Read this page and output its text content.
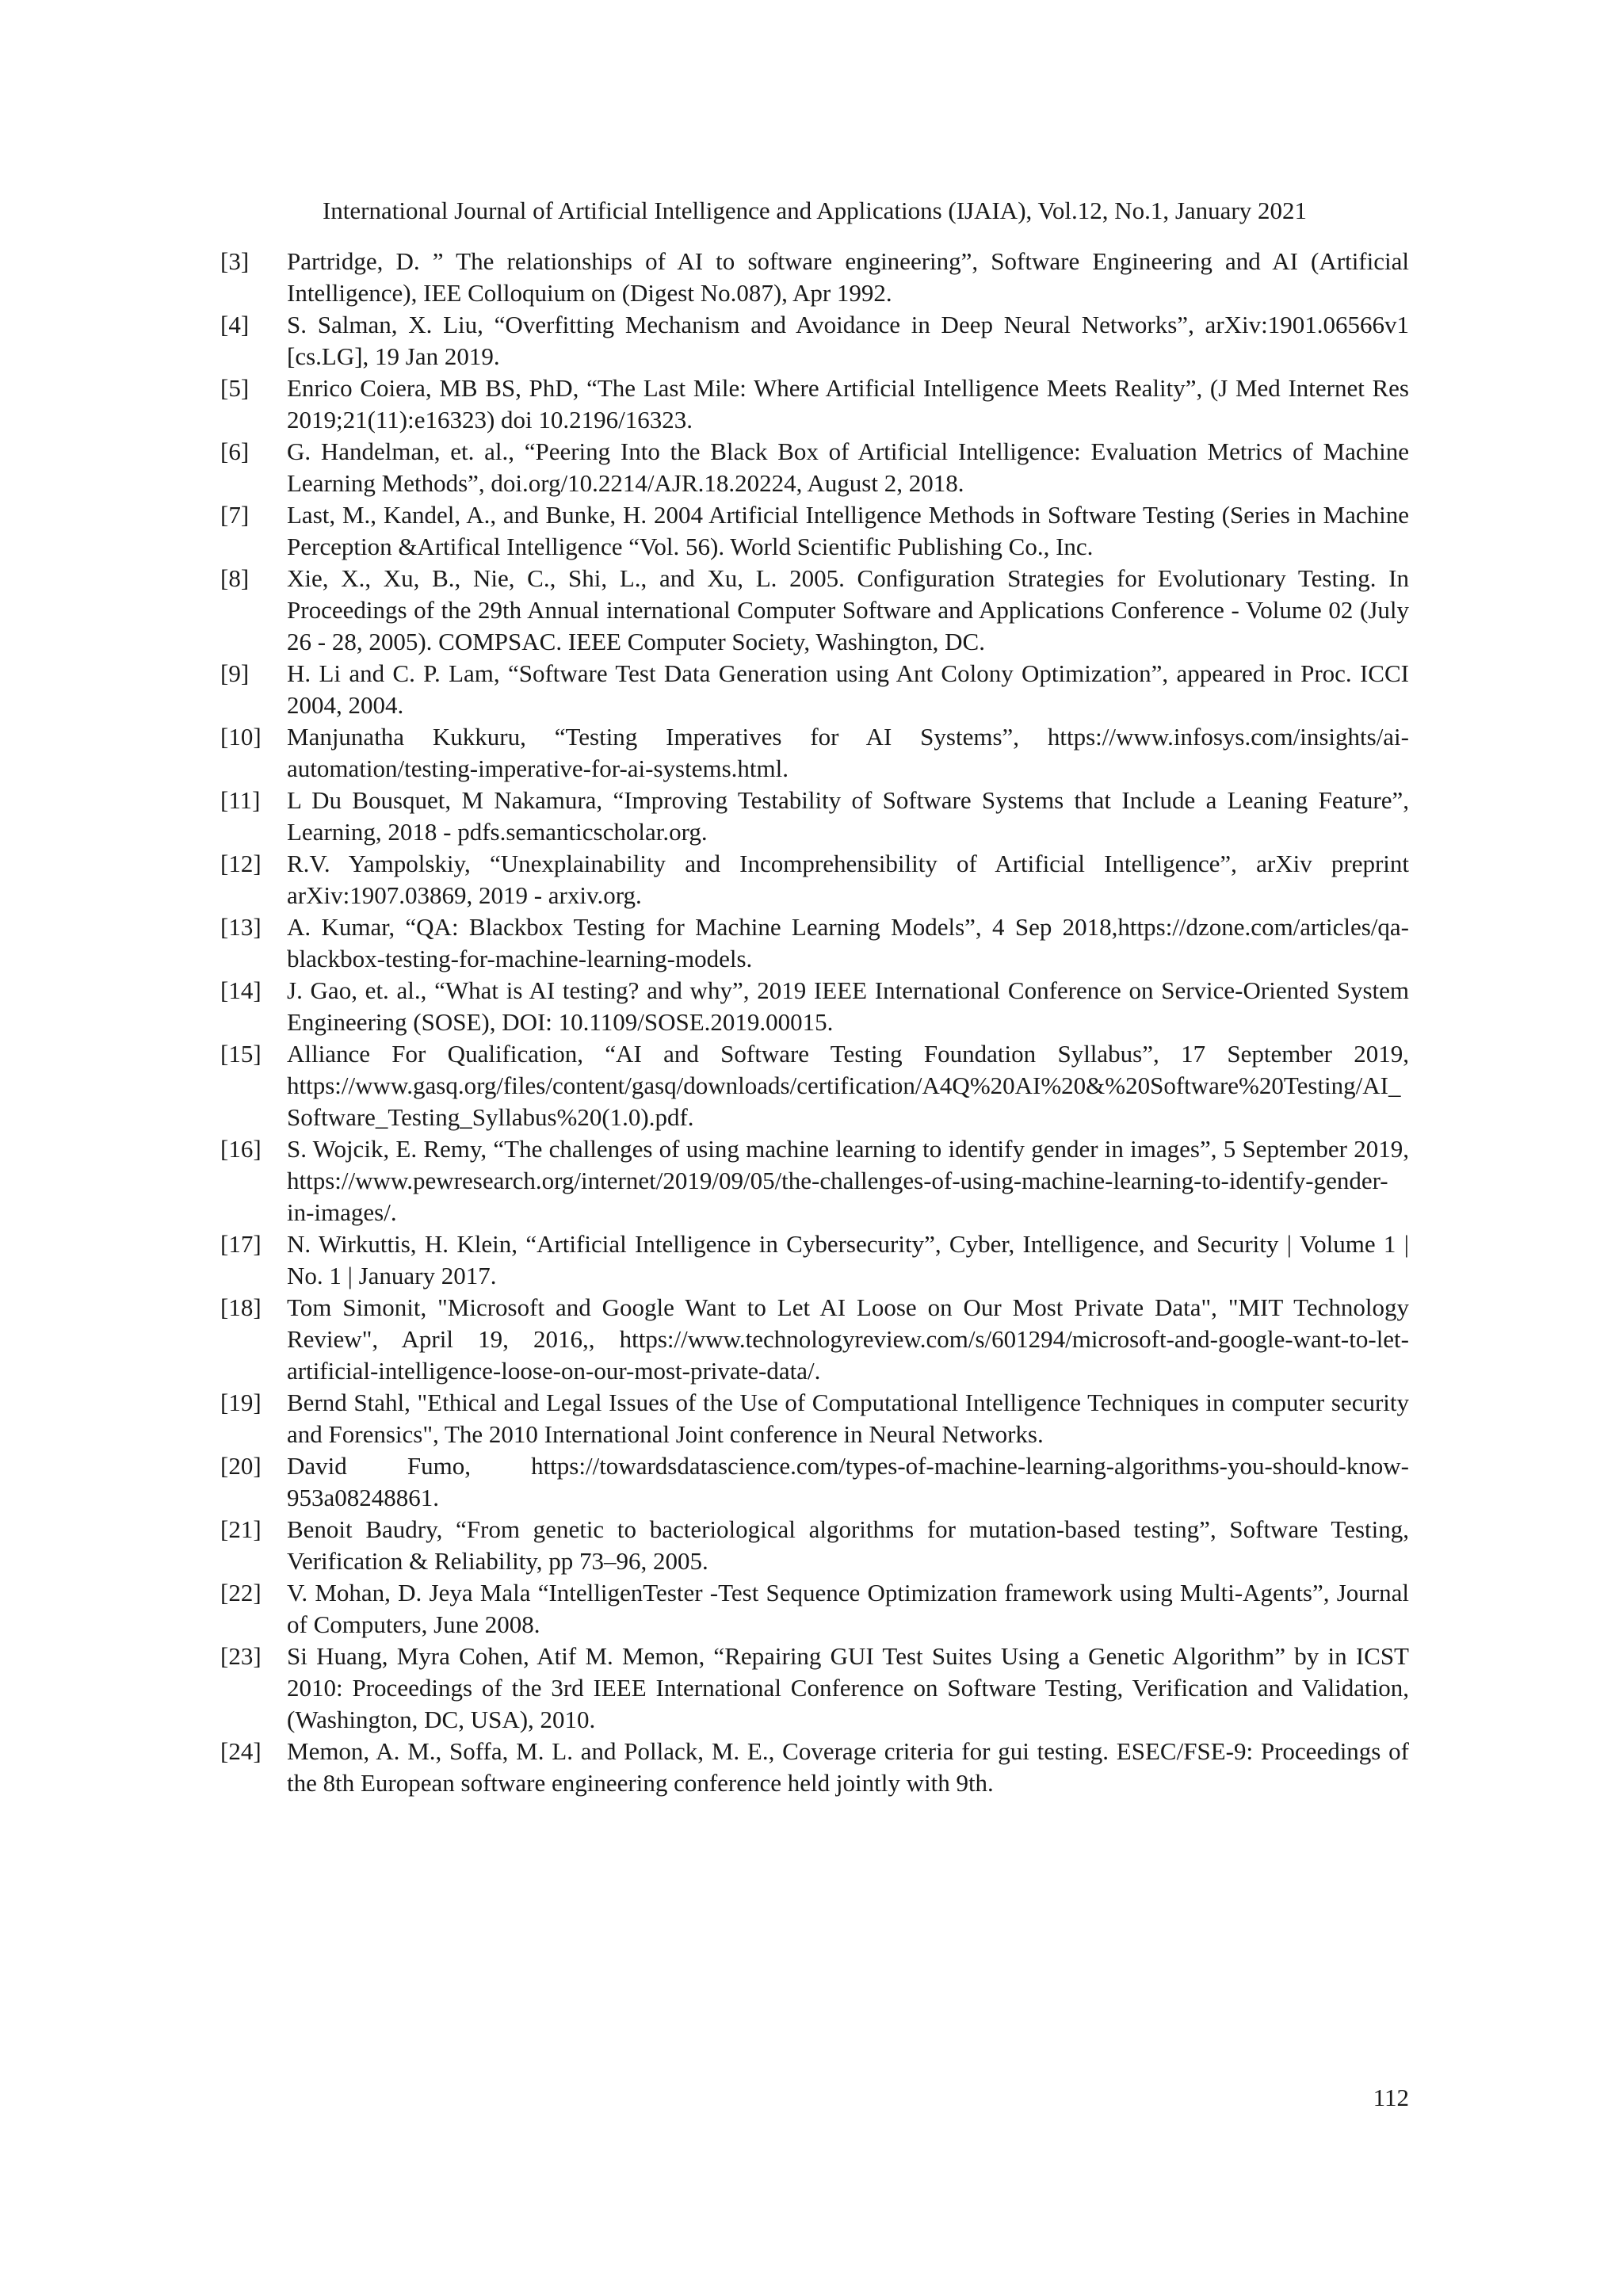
International Journal of Artificial Intelligence and Applications (IJAIA), Vol.12, No.1, January 2021
[3]	Partridge, D. ” The relationships of AI to software engineering”, Software Engineering and AI (Artificial Intelligence), IEE Colloquium on (Digest No.087), Apr 1992.
[4]	S. Salman, X. Liu, “Overfitting Mechanism and Avoidance in Deep Neural Networks”, arXiv:1901.06566v1 [cs.LG], 19 Jan 2019.
[5]	Enrico Coiera, MB BS, PhD, “The Last Mile: Where Artificial Intelligence Meets Reality”, (J Med Internet Res 2019;21(11):e16323) doi 10.2196/16323.
[6]	G. Handelman, et. al., “Peering Into the Black Box of Artificial Intelligence: Evaluation Metrics of Machine Learning Methods”, doi.org/10.2214/AJR.18.20224, August 2, 2018.
[7]	Last, M., Kandel, A., and Bunke, H. 2004 Artificial Intelligence Methods in Software Testing (Series in Machine Perception &Artifical Intelligence “Vol. 56). World Scientific Publishing Co., Inc.
[8]	Xie, X., Xu, B., Nie, C., Shi, L., and Xu, L. 2005. Configuration Strategies for Evolutionary Testing. In Proceedings of the 29th Annual international Computer Software and Applications Conference - Volume 02 (July 26 - 28, 2005). COMPSAC. IEEE Computer Society, Washington, DC.
[9]	H. Li and C. P. Lam, “Software Test Data Generation using Ant Colony Optimization”, appeared in Proc. ICCI 2004, 2004.
[10]	Manjunatha Kukkuru, “Testing Imperatives for AI Systems”, https://www.infosys.com/insights/ai-automation/testing-imperative-for-ai-systems.html.
[11]	L Du Bousquet, M Nakamura, “Improving Testability of Software Systems that Include a Leaning Feature”, Learning, 2018 - pdfs.semanticscholar.org.
[12]	R.V. Yampolskiy, “Unexplainability and Incomprehensibility of Artificial Intelligence”, arXiv preprint arXiv:1907.03869, 2019 - arxiv.org.
[13]	A. Kumar, “QA: Blackbox Testing for Machine Learning Models”, 4 Sep 2018,https://dzone.com/articles/qa-blackbox-testing-for-machine-learning-models.
[14]	J. Gao, et. al., “What is AI testing? and why”, 2019 IEEE International Conference on Service-Oriented System Engineering (SOSE), DOI: 10.1109/SOSE.2019.00015.
[15]	Alliance For Qualification, “AI and Software Testing Foundation Syllabus”, 17 September 2019, https://www.gasq.org/files/content/gasq/downloads/certification/A4Q%20AI%20&%20Software%20Testing/AI_Software_Testing_Syllabus%20(1.0).pdf.
[16]	S. Wojcik, E. Remy, “The challenges of using machine learning to identify gender in images”, 5 September 2019, https://www.pewresearch.org/internet/2019/09/05/the-challenges-of-using-machine-learning-to-identify-gender-in-images/.
[17]	N. Wirkuttis, H. Klein, “Artificial Intelligence in Cybersecurity”, Cyber, Intelligence, and Security | Volume 1 | No. 1 | January 2017.
[18]	Tom Simonit, "Microsoft and Google Want to Let AI Loose on Our Most Private Data", "MIT Technology Review", April 19, 2016,, https://www.technologyreview.com/s/601294/microsoft-and-google-want-to-let-artificial-intelligence-loose-on-our-most-private-data/.
[19]	Bernd Stahl, "Ethical and Legal Issues of the Use of Computational Intelligence Techniques in computer security and Forensics", The 2010 International Joint conference in Neural Networks.
[20]	David Fumo, https://towardsdatascience.com/types-of-machine-learning-algorithms-you-should-know-953a08248861.
[21]	Benoit Baudry, “From genetic to bacteriological algorithms for mutation-based testing”, Software Testing, Verification & Reliability, pp 73–96, 2005.
[22]	V. Mohan, D. Jeya Mala “IntelligenTester -Test Sequence Optimization framework using Multi-Agents”, Journal of Computers, June 2008.
[23]	Si Huang, Myra Cohen, Atif M. Memon, “Repairing GUI Test Suites Using a Genetic Algorithm” by in ICST 2010: Proceedings of the 3rd IEEE International Conference on Software Testing, Verification and Validation, (Washington, DC, USA), 2010.
[24]	Memon, A. M., Soffa, M. L. and Pollack, M. E., Coverage criteria for gui testing. ESEC/FSE-9: Proceedings of the 8th European software engineering conference held jointly with 9th.
112
